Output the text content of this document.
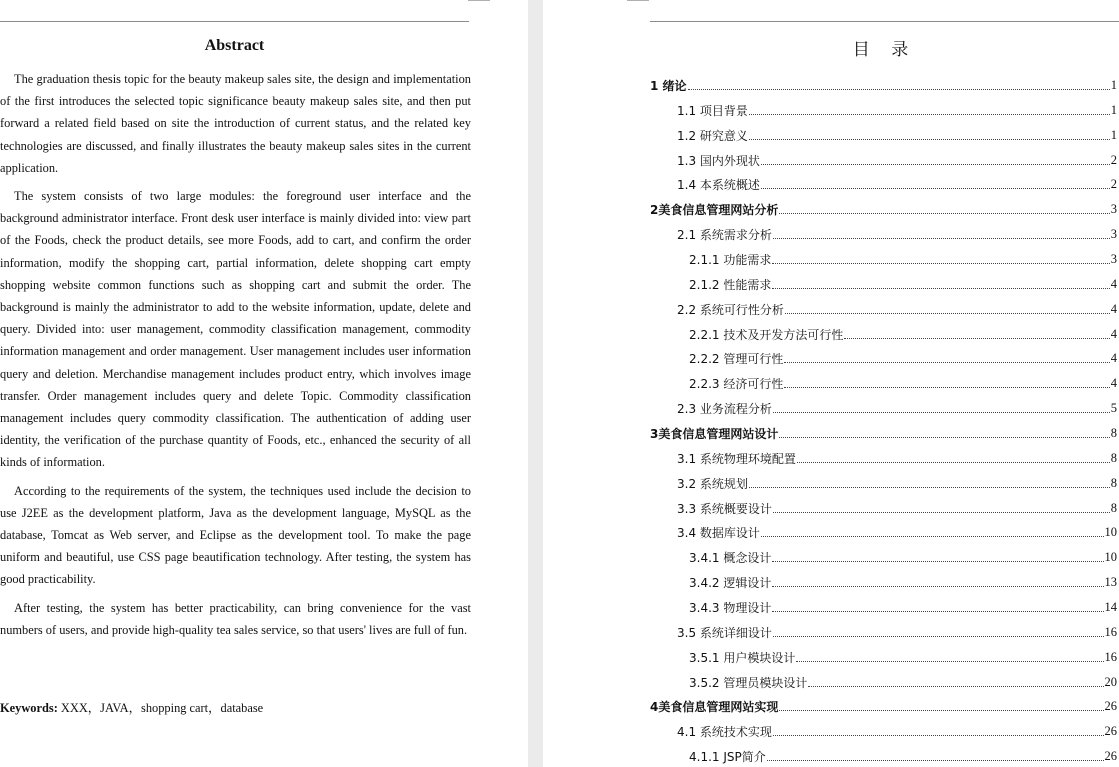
Abstract

The graduation thesis topic for the beauty makeup sales site, the design and implementation of the first introduces the selected topic significance beauty makeup sales site, and then put forward a related field based on site the introduction of current status, and the related key technologies are discussed, and finally illustrates the beauty makeup sales sites in the current application.

The system consists of two large modules: the foreground user interface and the background administrator interface. Front desk user interface is mainly divided into: view part of the Foods, check the product details, see more Foods, add to cart, and confirm the order information, modify the shopping cart, partial information, delete shopping cart empty shopping website common functions such as shopping cart and submit the order. The background is mainly the administrator to add to the website information, update, delete and query. Divided into: user management, commodity classification management, commodity information management and order management. User management includes user information query and deletion. Merchandise management includes product entry, which involves image transfer. Order management includes query and delete Topic. Commodity classification management includes query commodity classification. The authentication of adding user identity, the verification of the purchase quantity of Foods, etc., enhanced the security of all kinds of information.

According to the requirements of the system, the techniques used include the decision to use J2EE as the development platform, Java as the development language, MySQL as the database, Tomcat as Web server, and Eclipse as the development tool. To make the page uniform and beautiful, use CSS page beautification technology. After testing, the system has good practicability.

After testing, the system has better practicability, can bring convenience for the vast numbers of users, and provide high-quality tea sales service, so that users' lives are full of fun.

Keywords: XXX，JAVA，shopping cart，database
目 录
1 绪论	1
1.1 项目背景	1
1.2 研究意义	1
1.3 国内外现状	2
1.4 本系统概述	2
2美食信息管理网站分析	3
2.1 系统需求分析	3
2.1.1 功能需求	3
2.1.2 性能需求	4
2.2 系统可行性分析	4
2.2.1 技术及开发方法可行性	4
2.2.2 管理可行性	4
2.2.3 经济可行性	4
2.3 业务流程分析	5
3美食信息管理网站设计	8
3.1 系统物理环境配置	8
3.2 系统规划	8
3.3 系统概要设计	8
3.4 数据库设计	10
3.4.1 概念设计	10
3.4.2 逻辑设计	13
3.4.3 物理设计	14
3.5 系统详细设计	16
3.5.1 用户模块设计	16
3.5.2 管理员模块设计	20
4美食信息管理网站实现	26
4.1 系统技术实现	26
4.1.1 JSP简介	26
